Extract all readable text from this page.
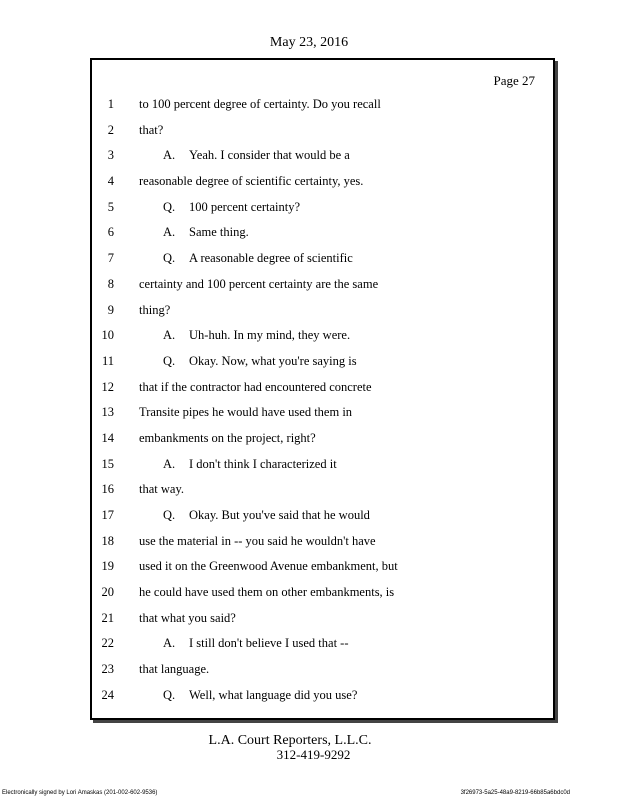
May 23, 2016
Page 27
1 to 100 percent degree of certainty. Do you recall
2 that?
3	A. Yeah. I consider that would be a
4 reasonable degree of scientific certainty, yes.
5	Q. 100 percent certainty?
6	A. Same thing.
7	Q. A reasonable degree of scientific
8 certainty and 100 percent certainty are the same
9 thing?
10	A. Uh-huh. In my mind, they were.
11	Q. Okay. Now, what you're saying is
12 that if the contractor had encountered concrete
13 Transite pipes he would have used them in
14 embankments on the project, right?
15	A. I don't think I characterized it
16 that way.
17	Q. Okay. But you've said that he would
18 use the material in -- you said he wouldn't have
19 used it on the Greenwood Avenue embankment, but
20 he could have used them on other embankments, is
21 that what you said?
22	A. I still don't believe I used that --
23 that language.
24	Q. Well, what language did you use?
L.A. Court Reporters, L.L.C.
312-419-9292
Electronically signed by Lori Amaskas (201-002-602-9536)	3f26973-5a25-48a9-8219-66b85a6bdc0d
